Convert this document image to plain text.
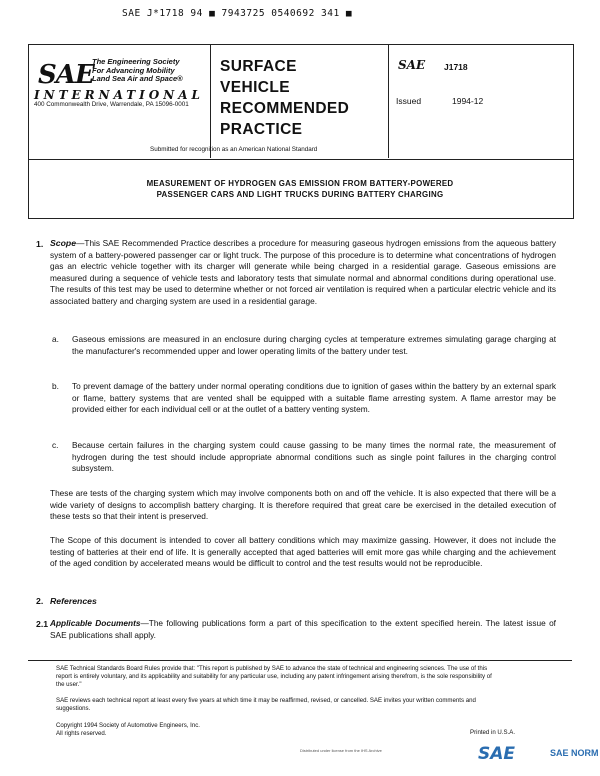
SAE J*1718 94 ■ 7943725 0540692 341 ■
SAE
The Engineering Society
For Advancing Mobility
Land Sea Air and Space®
INTERNATIONAL
400 Commonwealth Drive, Warrendale, PA 15096-0001
SURFACE
VEHICLE
RECOMMENDED
PRACTICE
SAE J1718
Issued	1994-12
Submitted for recognition as an American National Standard
MEASUREMENT OF HYDROGEN GAS EMISSION FROM BATTERY-POWERED
PASSENGER CARS AND LIGHT TRUCKS DURING BATTERY CHARGING
1. Scope—This SAE Recommended Practice describes a procedure for measuring gaseous hydrogen emissions from the aqueous battery system of a battery-powered passenger car or light truck. The purpose of this procedure is to determine what concentrations of hydrogen gas an electric vehicle together with its charger will generate while being charged in a residential garage. Gaseous emissions are measured during a sequence of vehicle tests and laboratory tests that simulate normal and abnormal conditions during operational use. The results of this test may be used to determine whether or not forced air ventilation is required when a particular electric vehicle and its associated battery and charging system are used in a residential garage.
a. Gaseous emissions are measured in an enclosure during charging cycles at temperature extremes simulating garage charging at the manufacturer's recommended upper and lower operating limits of the battery under test.
b. To prevent damage of the battery under normal operating conditions due to ignition of gases within the battery by an external spark or flame, battery systems that are vented shall be equipped with a suitable flame arresting system. A flame arrestor may be provided either for each individual cell or at the outlet of a battery venting system.
c. Because certain failures in the charging system could cause gassing to be many times the normal rate, the measurement of hydrogen during the test should include appropriate abnormal conditions such as single point failures in the charging control subsystem.
These are tests of the charging system which may involve components both on and off the vehicle. It is also expected that there will be a wide variety of designs to accomplish battery charging. It is therefore required that great care be exercised in the detailed execution of these tests so that their intent is preserved.
The Scope of this document is intended to cover all battery conditions which may maximize gassing. However, it does not include the testing of batteries at their end of life. It is generally accepted that aged batteries will emit more gas while charging and the achievement of the aged condition by accelerated means would be difficult to control and the test results would not be reproducible.
2. References
2.1 Applicable Documents—The following publications form a part of this specification to the extent specified herein. The latest issue of SAE publications shall apply.
SAE Technical Standards Board Rules provide that: "This report is published by SAE to advance the state of technical and engineering sciences. The use of this report is entirely voluntary, and its applicability and suitability for any particular use, including any patent infringement arising therefrom, is the sole responsibility of the user."
SAE reviews each technical report at least every five years at which time it may be reaffirmed, revised, or cancelled. SAE invites your written comments and suggestions.
Copyright 1994 Society of Automotive Engineers, Inc.
All rights reserved.	Printed in U.S.A.
Distributed under license from the IHS Archive	SAE	SAE NORM
